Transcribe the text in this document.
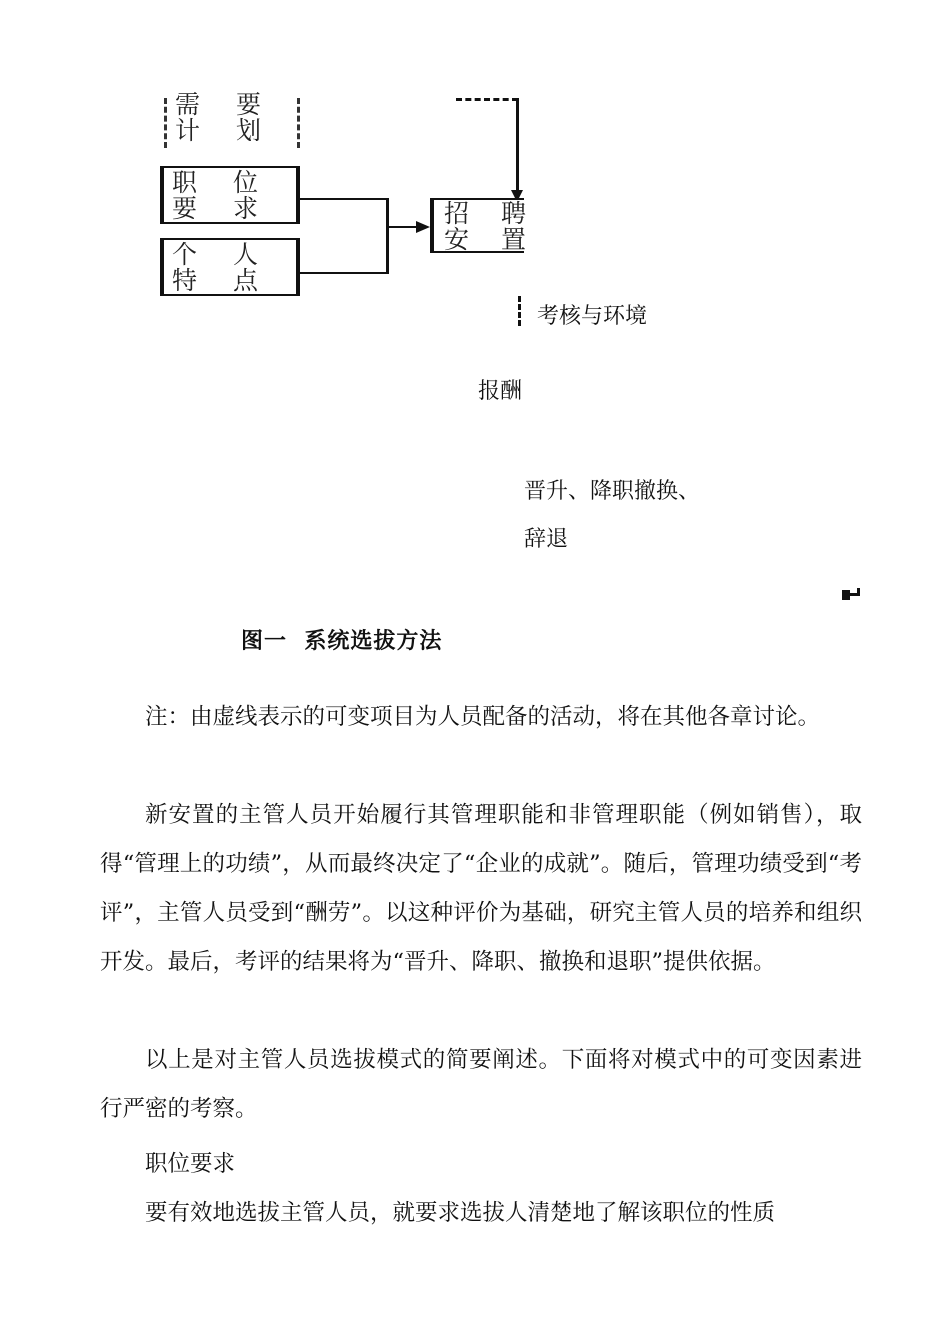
需 要
计 划
职 位
要 求
个 人
特 点
招 聘
安 置
考核与环境
报酬
晋升、降职撤换、
辞退
图一  系统选拔方法
注：由虚线表示的可变项目为人员配备的活动，将在其他各章讨论。
新安置的主管人员开始履行其管理职能和非管理职能（例如销售），取得“管理上的功绩”，从而最终决定了“企业的成就”。随后，管理功绩受到“考评”，主管人员受到“酬劳”。以这种评价为基础，研究主管人员的培养和组织开发。最后，考评的结果将为“晋升、降职、撤换和退职”提供依据。
以上是对主管人员选拔模式的简要阐述。下面将对模式中的可变因素进行严密的考察。
职位要求
要有效地选拔主管人员，就要求选拔人清楚地了解该职位的性质
